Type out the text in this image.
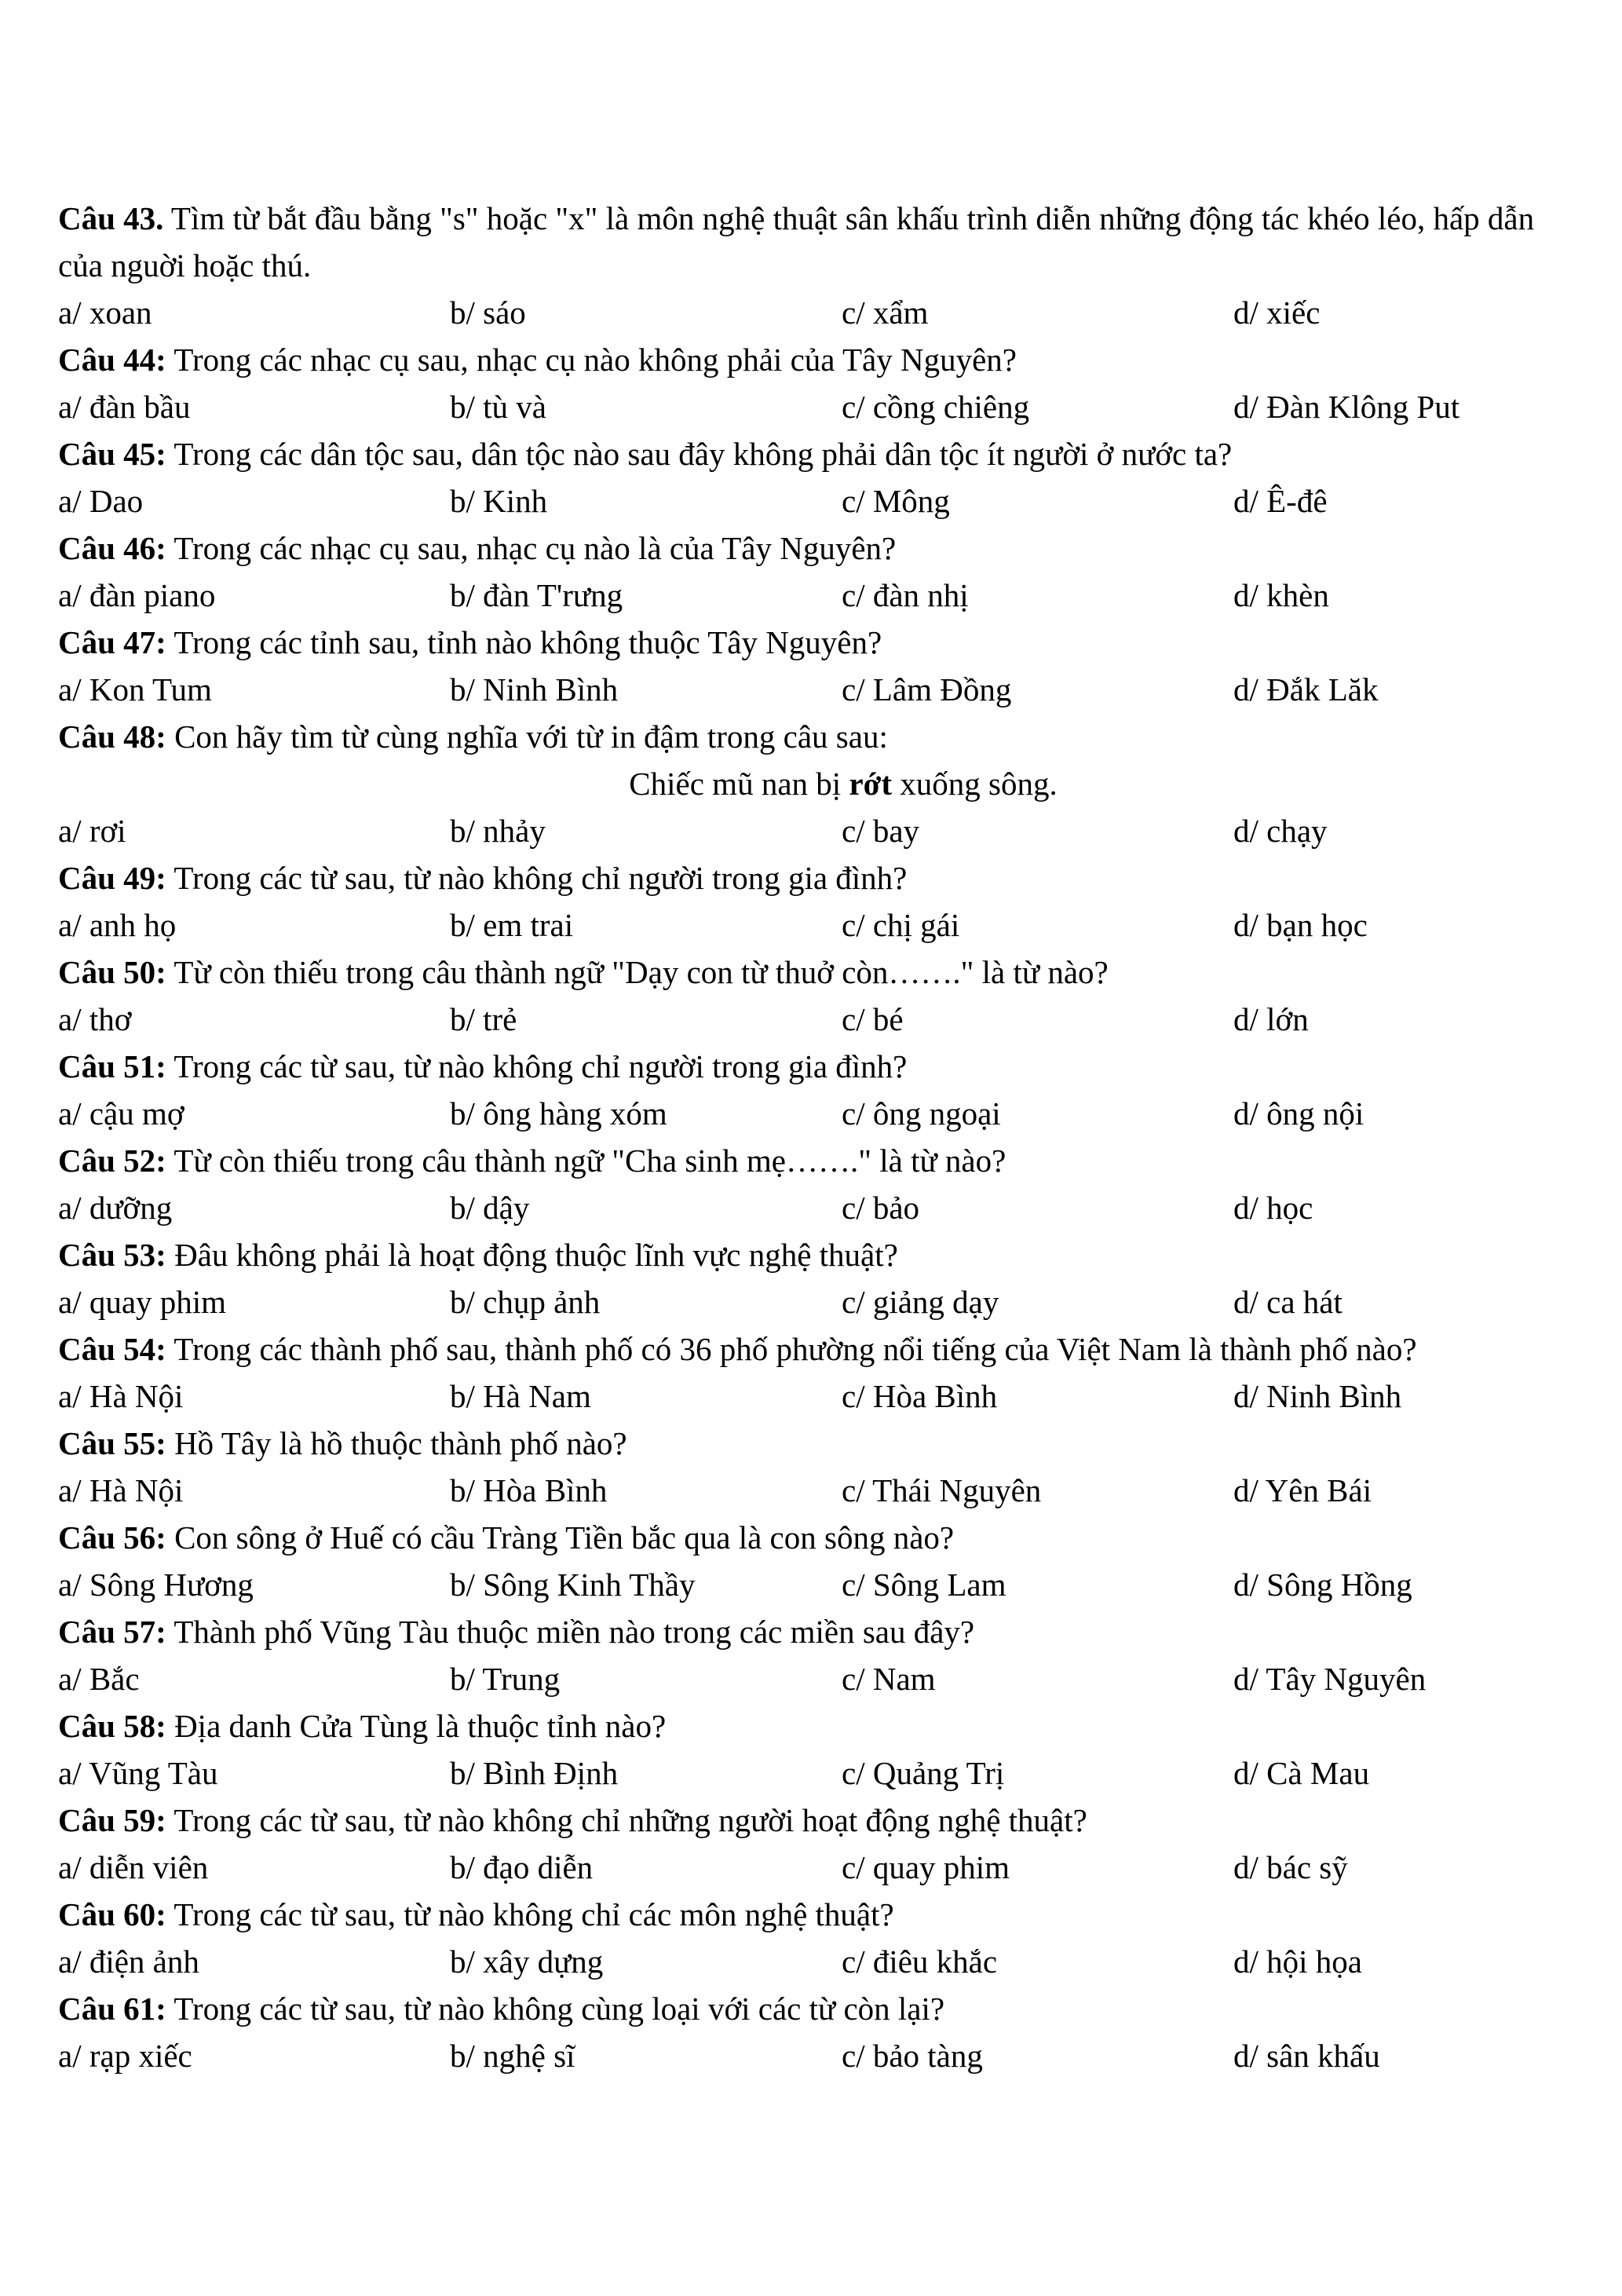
Câu 43. Tìm từ bắt đầu bằng "s" hoặc "x" là môn nghệ thuật sân khấu trình diễn những động tác khéo léo, hấp dẫn của nguời hoặc thú.

a/ xoan	b/ sáo	c/ xẩm	d/ xiếc

Câu 44: Trong các nhạc cụ sau, nhạc cụ nào không phải của Tây Nguyên?

a/ đàn bầu	b/ tù và	c/ cồng chiêng	d/ Đàn Klông Put

Câu 45: Trong các dân tộc sau, dân tộc nào sau đây không phải dân tộc ít người ở nước ta?

a/ Dao	b/ Kinh	c/ Mông	d/ Ê-đê

Câu 46: Trong các nhạc cụ sau, nhạc cụ nào là của Tây Nguyên?

a/ đàn piano	b/ đàn T'rưng	c/ đàn nhị	d/ khèn

Câu 47: Trong các tỉnh sau, tỉnh nào không thuộc Tây Nguyên?

a/ Kon Tum	b/ Ninh Bình	c/ Lâm Đồng	d/ Đắk Lăk

Câu 48: Con hãy tìm từ cùng nghĩa với từ in đậm trong câu sau:

Chiếc mũ nan bị rớt xuống sông.
a/ rơi	b/ nhảy	c/ bay	d/ chạy

Câu 49: Trong các từ sau, từ nào không chỉ người trong gia đình?

a/ anh họ	b/ em trai	c/ chị gái	d/ bạn học

Câu 50: Từ còn thiếu trong câu thành ngữ "Dạy con từ thuở còn……." là từ nào?

a/ thơ	b/ trẻ	c/ bé	d/ lớn

Câu 51: Trong các từ sau, từ nào không chỉ người trong gia đình?

a/ cậu mợ	b/ ông hàng xóm	c/ ông ngoại	d/ ông nội

Câu 52: Từ còn thiếu trong câu thành ngữ "Cha sinh mẹ……." là từ nào?

a/ dưỡng	b/ dậy	c/ bảo	d/ học

Câu 53: Đâu không phải là hoạt động thuộc lĩnh vực nghệ thuật?

a/ quay phim	b/ chụp ảnh	c/ giảng dạy	d/ ca hát

Câu 54: Trong các thành phố sau, thành phố có 36 phố phường nổi tiếng của Việt Nam là thành phố nào?

a/ Hà Nội	b/ Hà Nam	c/ Hòa Bình	d/ Ninh Bình

Câu 55: Hồ Tây là hồ thuộc thành phố nào?

a/ Hà Nội	b/ Hòa Bình	c/ Thái Nguyên	d/ Yên Bái

Câu 56: Con sông ở Huế có cầu Tràng Tiền bắc qua là con sông nào?

a/ Sông Hương	b/ Sông Kinh Thầy	c/ Sông Lam	d/ Sông Hồng

Câu 57: Thành phố Vũng Tàu thuộc miền nào trong các miền sau đây?

a/ Bắc	b/ Trung	c/ Nam	d/ Tây Nguyên

Câu 58: Địa danh Cửa Tùng là thuộc tỉnh nào?

a/ Vũng Tàu	b/ Bình Định	c/ Quảng Trị	d/ Cà Mau

Câu 59: Trong các từ sau, từ nào không chỉ những người hoạt động nghệ thuật?

a/ diễn viên	b/ đạo diễn	c/ quay phim	d/ bác sỹ

Câu 60: Trong các từ sau, từ nào không chỉ các môn nghệ thuật?

a/ điện ảnh	b/ xây dựng	c/ điêu khắc	d/ hội họa

Câu 61: Trong các từ sau, từ nào không cùng loại với các từ còn lại?

a/ rạp xiếc	b/ nghệ sĩ	c/ bảo tàng	d/ sân khấu
